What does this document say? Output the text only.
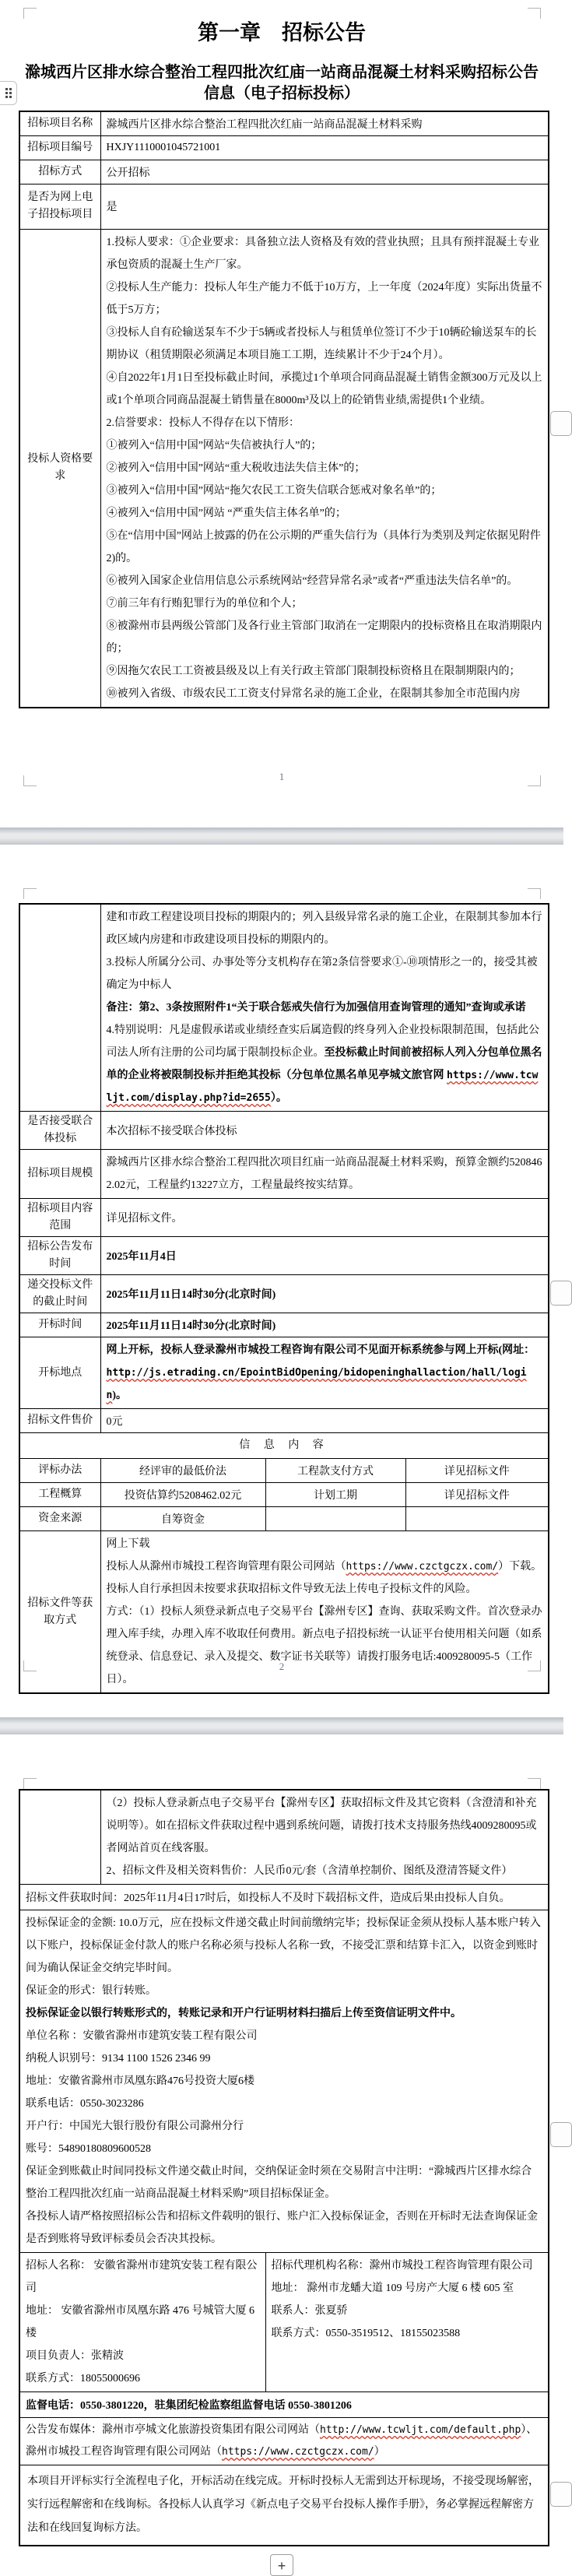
第一章　招标公告
滁城西片区排水综合整治工程四批次红庙一站商品混凝土材料采购招标公告信息（电子招标投标）
招标项目名称	滁城西片区排水综合整治工程四批次红庙一站商品混凝土材料采购
招标项目编号	HXJY1110001045721001
招标方式	公开招标
是否为网上电子招投标项目	是
投标人资格要求	

1.投标人要求：①企业要求：具备独立法人资格及有效的营业执照；且具有预拌混凝土专业承包资质的混凝土生产厂家。

②投标人生产能力：投标人年生产能力不低于10万方，上一年度（2024年度）实际出货量不低于5万方；

③投标人自有砼输送泵车不少于5辆或者投标人与租赁单位签订不少于10辆砼输送泵车的长期协议（租赁期限必须满足本项目施工工期，连续累计不少于24个月）。

④自2022年1月1日至投标截止时间，承揽过1个单项合同商品混凝土销售金额300万元及以上或1个单项合同商品混凝土销售量在8000m³及以上的砼销售业绩,需提供1个业绩。

2.信誉要求：投标人不得存在以下情形：

①被列入“信用中国”网站“失信被执行人”的；

②被列入“信用中国”网站“重大税收违法失信主体”的；

③被列入“信用中国”网站“拖欠农民工工资失信联合惩戒对象名单”的；

④被列入“信用中国”网站 “严重失信主体名单”的；

⑤在“信用中国”网站上披露的仍在公示期的严重失信行为（具体行为类别及判定依据见附件2)的。

⑥被列入国家企业信用信息公示系统网站“经营异常名录”或者“严重违法失信名单”的。

⑦前三年有行贿犯罪行为的单位和个人；

⑧被滁州市县两级公管部门及各行业主管部门取消在一定期限内的投标资格且在取消期限内的；

⑨因拖欠农民工工资被县级及以上有关行政主管部门限制投标资格且在限制期限内的；

⑩被列入省级、市级农民工工资支付异常名录的施工企业，在限制其参加全市范围内房

1

	建和市政工程建设项目投标的期限内的；列入县级异常名录的施工企业，在限制其参加本行政区域内房建和市政建设项目投标的期限内的。

3.投标人所属分公司、办事处等分支机构存在第2条信誉要求①-⑩项情形之一的，接受其被确定为中标人

备注：第2、3条按照附件1“关于联合惩戒失信行为加强信用查询管理的通知”查询或承诺

4.特别说明：凡是虚假承诺或业绩经查实后属造假的终身列入企业投标限制范围，包括此公司法人所有注册的公司均属于限制投标企业。至投标截止时间前被招标人列入分包单位黑名单的企业将被限制投标并拒绝其投标（分包单位黑名单见亭城文旅官网 https://www.tcwljt.com/display.php?id=2655）。		

是否接受联合体投标	本次招标不接受联合体投标		
招标项目规模	滁城西片区排水综合整治工程四批次项目红庙一站商品混凝土材料采购，预算金额约5208462.02元，工程量约13227立方，工程量最终按实结算。		
招标项目内容范围	详见招标文件。		
招标公告发布时间	2025年11月4日		
递交投标文件的截止时间	2025年11月11日14时30分(北京时间)		
开标时间	2025年11月11日14时30分(北京时间)		
开标地点	网上开标，投标人登录滁州市城投工程咨询有限公司不见面开标系统参与网上开标(网址：
http://js.etrading.cn/EpointBidOpening/bidopeninghallaction/hall/login)。		

招标文件售价	0元		
信 息 内 容			
评标办法	经评审的最低价法	工程款支付方式	详见招标文件
工程概算	投资估算约5208462.02元	计划工期	详见招标文件
资金来源	自筹资金		
招标文件等获取方式	网上下载

投标人从滁州市城投工程咨询管理有限公司网站（https://www.czctgczx.com/）下载。

投标人自行承担因未按要求获取招标文件导致无法上传电子投标文件的风险。

方式：（1）投标人须登录新点电子交易平台【滁州专区】查询、获取采购文件。首次登录办理入库手续，办理入库不收取任何费用。新点电子招投标统一认证平台使用相关问题（如系统登录、信息登记、录入及提交、数字证书关联等）请拨打服务电话:4009280095-5（工作日）。		

2

	（2）投标人登录新点电子交易平台【滁州专区】获取招标文件及其它资料（含澄清和补充说明等）。如在招标文件获取过程中遇到系统问题，请拨打技术支持服务热线4009280095或者网站首页在线客服。

2、招标文件及相关资料售价：人民币0元/套（含清单控制价、图纸及澄清答疑文件）	

招标文件获取时间：2025年11月4日17时后，如投标人不及时下载招标文件，造成后果由投标人自负。		

投标保证金的金额: 10.0万元，应在投标文件递交截止时间前缴纳完毕；投标保证金须从投标人基本账户转入以下账户，投标保证金付款人的账户名称必须与投标人名称一致，不接受汇票和结算卡汇入，以资金到账时间为确认保证金交纳完毕时间。

保证金的形式：银行转账。

投标保证金以银行转账形式的，转账记录和开户行证明材料扫描后上传至资信证明文件中。

单位名称 ：安徽省滁州市建筑安装工程有限公司

纳税人识别号：9134 1100 1526 2346 99

地址：安徽省滁州市凤凰东路476号投资大厦6楼

联系电话：0550-3023286

开户行：中国光大银行股份有限公司滁州分行

账号：54890180809600528

保证金到账截止时间同投标文件递交截止时间，交纳保证金时须在交易附言中注明：“滁城西片区排水综合整治工程四批次红庙一站商品混凝土材料采购”项目招标保证金。

各投标人请严格按照招标公告和招标文件载明的银行、账户汇入投标保证金，否则在开标时无法查询保证金是否到账将导致评标委员会否决其投标。

招标人名称： 安徽省滁州市建筑安装工程有限公司

地址： 安徽省滁州市凤凰东路 476 号城管大厦 6 楼

项目负责人：张精波

联系方式：18055000696

招标代理机构名称：滁州市城投工程咨询管理有限公司

地址： 滁州市龙蟠大道 109 号房产大厦 6 楼 605 室

联系人：张夏骄

联系方式：0550-3519512、18155023588

监督电话：0550-3801220，驻集团纪检监察组监督电话 0550-3801206		
公告发布媒体：滁州市亭城文化旅游投资集团有限公司网站（http://www.tcwljt.com/default.php）、滁州市城投工程咨询管理有限公司网站（https://www.czctgczx.com/）		
本项目开评标实行全流程电子化，开标活动在线完成。开标时投标人无需到达开标现场，不接受现场解密，实行远程解密和在线询标。各投标人认真学习《新点电子交易平台投标人操作手册》，务必掌握远程解密方法和在线回复询标方法。		
+
